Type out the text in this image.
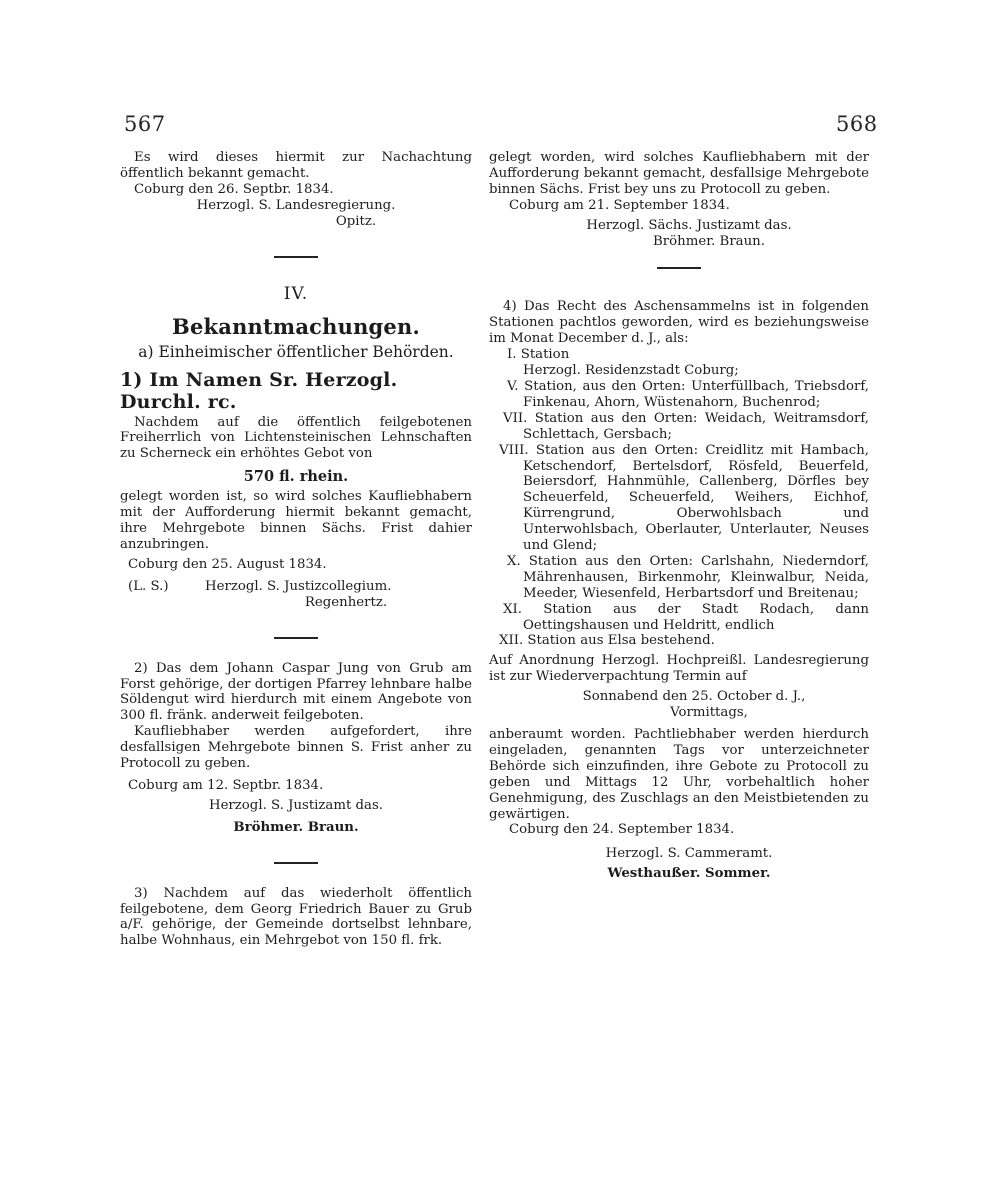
567	568

Es wird dieses hiermit zur Nachachtung öffentlich bekannt gemacht.

Coburg den 26. Septbr. 1834.

Herzogl. S. Landesregierung.

Opitz.

IV.

Bekanntmachungen.

a) Einheimischer öffentlicher Behörden.

1) Im Namen Sr. Herzogl. Durchl. rc.

Nachdem auf die öffentlich feilgebotenen Freiherrlich von Lichtensteinischen Lehnschaften zu Scherneck ein erhöhtes Gebot von

570 fl. rhein.

gelegt worden ist, so wird solches Kaufliebhabern mit der Aufforderung hiermit bekannt gemacht, ihre Mehrgebote binnen Sächs. Frist dahier anzubringen.

Coburg den 25. August 1834.

(L. S.)	Herzogl. S. Justizcollegium.

Regenhertz.

2) Das dem Johann Caspar Jung von Grub am Forst gehörige, der dortigen Pfarrey lehnbare halbe Söldengut wird hierdurch mit einem Angebote von 300 fl. fränk. anderweit feilgeboten.

Kaufliebhaber werden aufgefordert, ihre desfallsigen Mehrgebote binnen S. Frist anher zu Protocoll zu geben.

Coburg am 12. Septbr. 1834.

Herzogl. S. Justizamt das.

Bröhmer. Braun.

3) Nachdem auf das wiederholt öffentlich feilgebotene, dem Georg Friedrich Bauer zu Grub a/F. gehörige, der Gemeinde dortselbst lehnbare, halbe Wohnhaus, ein Mehrgebot von 150 fl. frk.

gelegt worden, wird solches Kaufliebhabern mit der Aufforderung bekannt gemacht, desfallsige Mehrgebote binnen Sächs. Frist bey uns zu Protocoll zu geben.

Coburg am 21. September 1834.

Herzogl. Sächs. Justizamt das.

Bröhmer. Braun.

4) Das Recht des Aschensammelns ist in folgenden Stationen pachtlos geworden, wird es beziehungsweise im Monat December d. J., als:

I. Station

Herzogl. Residenzstadt Coburg;

V. Station, aus den Orten: Unterfüllbach, Triebsdorf, Finkenau, Ahorn, Wüstenahorn, Buchenrod;

VII. Station aus den Orten: Weidach, Weitramsdorf, Schlettach, Gersbach;

VIII. Station aus den Orten: Creidlitz mit Hambach, Ketschendorf, Bertelsdorf, Rösfeld, Beuerfeld, Beiersdorf, Hahnmühle, Callenberg, Dörfles bey Scheuerfeld, Scheuerfeld, Weihers, Eichhof, Kürrengrund, Oberwohlsbach und Unterwohlsbach, Oberlauter, Unterlauter, Neuses und Glend;

X. Station aus den Orten: Carlshahn, Niederndorf, Mährenhausen, Birkenmohr, Kleinwalbur, Neida, Meeder, Wiesenfeld, Herbartsdorf und Breitenau;

XI. Station aus der Stadt Rodach, dann Oettingshausen und Heldritt, endlich

XII. Station aus Elsa bestehend.

Auf Anordnung Herzogl. Hochpreißl. Landesregierung ist zur Wiederverpachtung Termin auf

Sonnabend den 25. October d. J.,

Vormittags,

anberaumt worden. Pachtliebhaber werden hierdurch eingeladen, genannten Tags vor unterzeichneter Behörde sich einzufinden, ihre Gebote zu Protocoll zu geben und Mittags 12 Uhr, vorbehaltlich hoher Genehmigung, des Zuschlags an den Meistbietenden zu gewärtigen.

Coburg den 24. September 1834.

Herzogl. S. Cammeramt.

Westhaußer. Sommer.
